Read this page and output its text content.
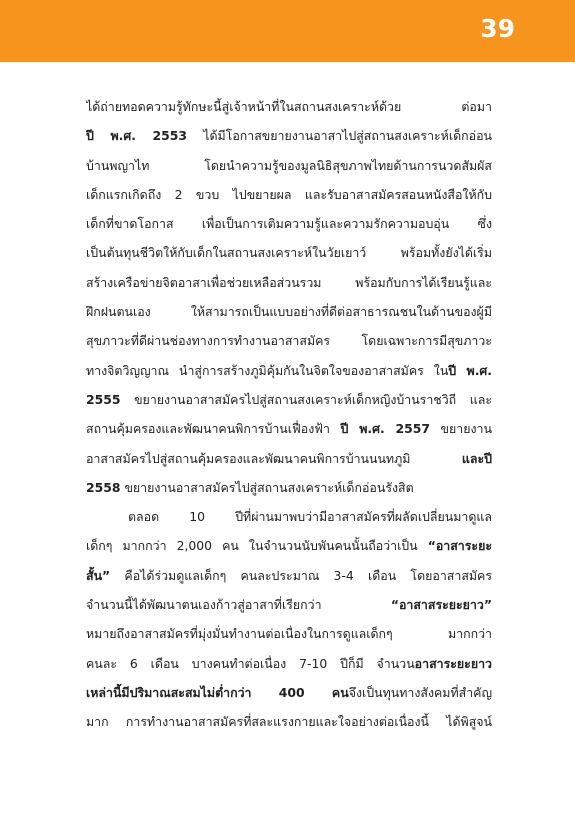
39
ได้ถ่ายทอดความรู้ทักษะนี้สู่เจ้าหน้าที่ในสถานสงเคราะห์ด้วย ต่อมา
ปี พ.ศ. 2553 ได้มีโอกาสขยายงานอาสาไปสู่สถานสงเคราะห์เด็กอ่อน
บ้านพญาไท โดยนำความรู้ของมูลนิธิสุขภาพไทยด้านการนวดสัมผัส
เด็กแรกเกิดถึง 2 ขวบ ไปขยายผล และรับอาสาสมัครสอนหนังสือให้กับ
เด็กที่ขาดโอกาส เพื่อเป็นการเติมความรู้และความรักความอบอุ่น ซึ่ง
เป็นต้นทุนชีวิตให้กับเด็กในสถานสงเคราะห์ในวัยเยาว์ พร้อมทั้งยังได้เริ่ม
สร้างเครือข่ายจิตอาสาเพื่อช่วยเหลือส่วนรวม พร้อมกับการได้เรียนรู้และ
ฝึกฝนตนเอง ให้สามารถเป็นแบบอย่างที่ดีต่อสาธารณชนในด้านของผู้มี
สุขภาวะที่ดีผ่านช่องทางการทำงานอาสาสมัคร โดยเฉพาะการมีสุขภาวะ
ทางจิตวิญญาณ นำสู่การสร้างภูมิคุ้มกันในจิตใจของอาสาสมัคร ในปี พ.ศ.
2555 ขยายงานอาสาสมัครไปสู่สถานสงเคราะห์เด็กหญิงบ้านราชวิถี และ
สถานคุ้มครองและพัฒนาคนพิการบ้านเฟื่องฟ้า ปี พ.ศ. 2557 ขยายงาน
อาสาสมัครไปสู่สถานคุ้มครองและพัฒนาคนพิการบ้านนนทภูมิ และปี
2558 ขยายงานอาสาสมัครไปสู่สถานสงเคราะห์เด็กอ่อนรังสิต
ตลอด 10 ปีที่ผ่านมาพบว่ามีอาสาสมัครที่ผลัดเปลี่ยนมาดูแล
เด็กๆ มากกว่า 2,000 คน ในจำนวนนับพันคนนั้นถือว่าเป็น “อาสาระยะ
สั้น” คือได้ร่วมดูแลเด็กๆ คนละประมาณ 3-4 เดือน โดยอาสาสมัคร
จำนวนนี้ได้พัฒนาตนเองก้าวสู่อาสาที่เรียกว่า “อาสาสระยะยาว”
หมายถึงอาสาสมัครที่มุ่งมั่นทำงานต่อเนื่องในการดูแลเด็กๆ มากกว่า
คนละ 6 เดือน บางคนทำต่อเนื่อง 7-10 ปีก็มี จำนวนอาสาระยะยาว
เหล่านี้มีปริมาณสะสมไม่ต่ำกว่า 400 คนจึงเป็นทุนทางสังคมที่สำคัญ
มาก การทำงานอาสาสมัครที่สละแรงกายและใจอย่างต่อเนื่องนี้ ได้พิสูจน์
